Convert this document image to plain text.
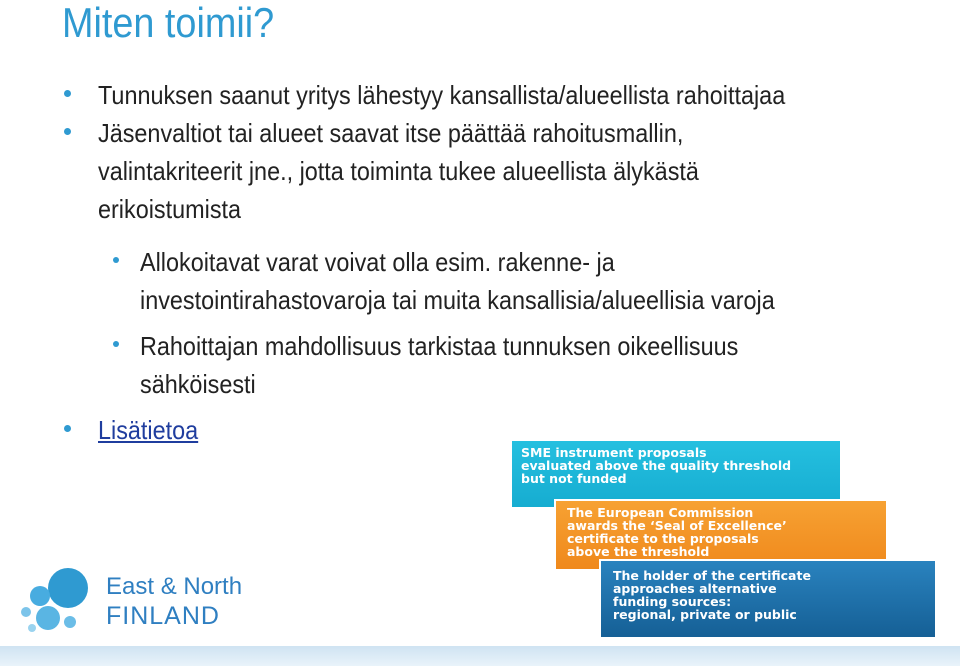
Miten toimii?
Tunnuksen saanut yritys lähestyy kansallista/alueellista rahoittajaa
Jäsenvaltiot tai alueet saavat itse päättää rahoitusmallin,
valintakriteerit jne., jotta toiminta tukee alueellista älykästä
erikoistumista
Allokoitavat varat voivat olla esim. rakenne- ja
investointirahastovaroja tai muita kansallisia/alueellisia varoja
Rahoittajan mahdollisuus tarkistaa tunnuksen oikeellisuus
sähköisesti
Lisätietoa
SME instrument proposals
evaluated above the quality threshold
but not funded
The European Commission
awards the ‘Seal of Excellence’
certificate to the proposals
above the threshold
The holder of the certificate
approaches alternative
funding sources:
regional, private or public
East & North
FINLAND
